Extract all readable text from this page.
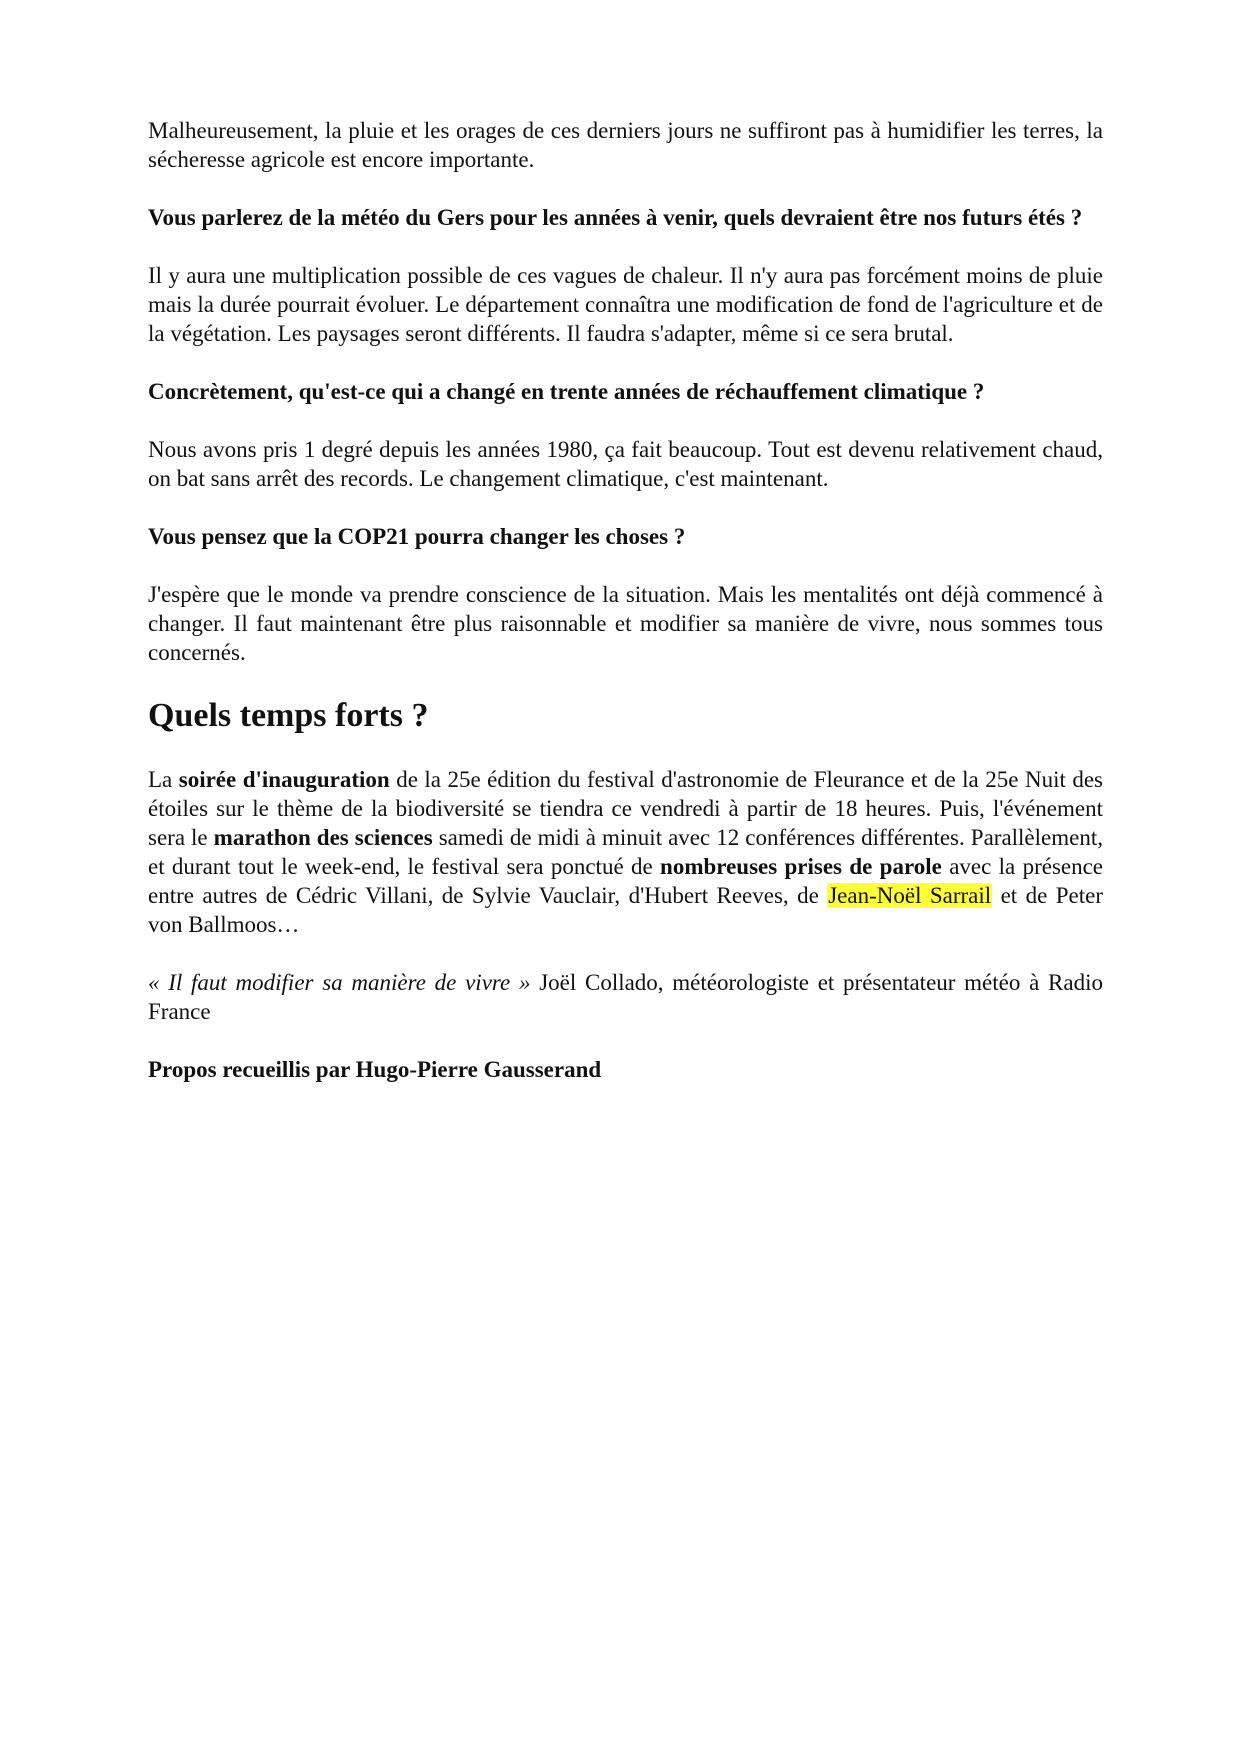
Malheureusement, la pluie et les orages de ces derniers jours ne suffiront pas à humidifier les terres, la sécheresse agricole est encore importante.

Vous parlerez de la météo du Gers pour les années à venir, quels devraient être nos futurs étés ?

Il y aura une multiplication possible de ces vagues de chaleur. Il n'y aura pas forcément moins de pluie mais la durée pourrait évoluer. Le département connaîtra une modification de fond de l'agriculture et de la végétation. Les paysages seront différents. Il faudra s'adapter, même si ce sera brutal.

Concrètement, qu'est-ce qui a changé en trente années de réchauffement climatique ?

Nous avons pris 1 degré depuis les années 1980, ça fait beaucoup. Tout est devenu relativement chaud, on bat sans arrêt des records. Le changement climatique, c'est maintenant.

Vous pensez que la COP21 pourra changer les choses ?

J'espère que le monde va prendre conscience de la situation. Mais les mentalités ont déjà commencé à changer. Il faut maintenant être plus raisonnable et modifier sa manière de vivre, nous sommes tous concernés.

Quels temps forts ?

La soirée d'inauguration de la 25e édition du festival d'astronomie de Fleurance et de la 25e Nuit des étoiles sur le thème de la biodiversité se tiendra ce vendredi à partir de 18 heures. Puis, l'événement sera le marathon des sciences samedi de midi à minuit avec 12 conférences différentes. Parallèlement, et durant tout le week-end, le festival sera ponctué de nombreuses prises de parole avec la présence entre autres de Cédric Villani, de Sylvie Vauclair, d'Hubert Reeves, de Jean-Noël Sarrail et de Peter von Ballmoos…

« Il faut modifier sa manière de vivre » Joël Collado, météorologiste et présentateur météo à Radio France

Propos recueillis par Hugo-Pierre Gausserand
